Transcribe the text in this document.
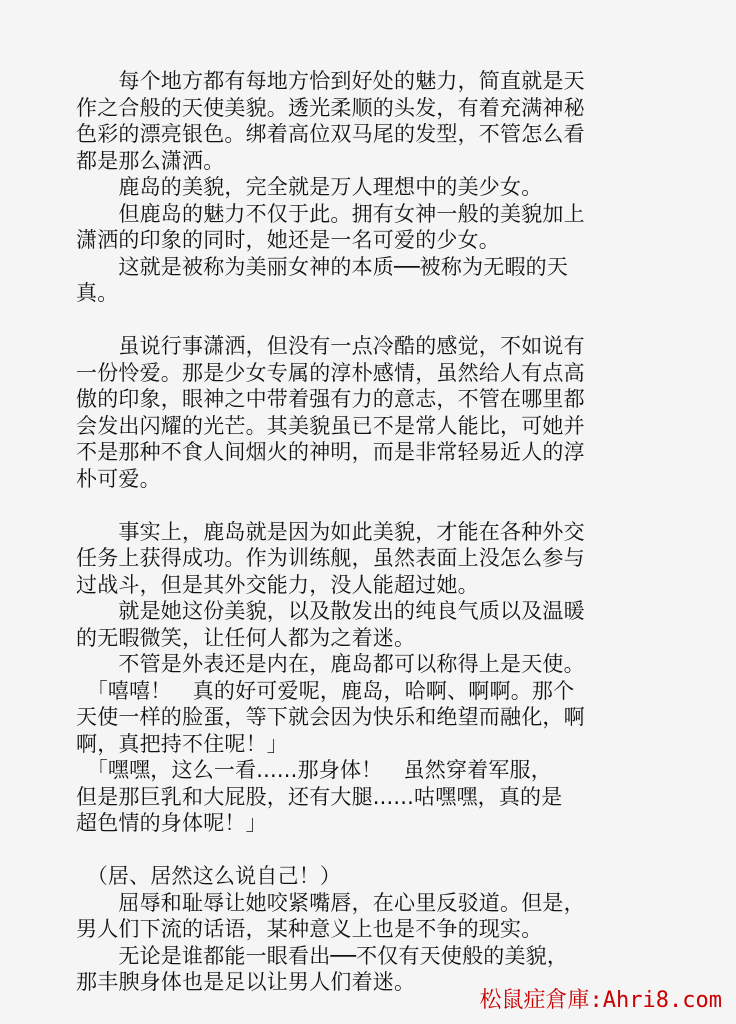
　　每个地方都有每地方恰到好处的魅力，简直就是天
作之合般的天使美貌。透光柔顺的头发，有着充满神秘
色彩的漂亮银色。绑着高位双马尾的发型，不管怎么看
都是那么潇洒。
　　鹿岛的美貌，完全就是万人理想中的美少女。
　　但鹿岛的魅力不仅于此。拥有女神一般的美貌加上
潇洒的印象的同时，她还是一名可爱的少女。
　　这就是被称为美丽女神的本质──被称为无暇的天
真。
　　虽说行事潇洒，但没有一点冷酷的感觉，不如说有
一份怜爱。那是少女专属的淳朴感情，虽然给人有点高
傲的印象，眼神之中带着强有力的意志，不管在哪里都
会发出闪耀的光芒。其美貌虽已不是常人能比，可她并
不是那种不食人间烟火的神明，而是非常轻易近人的淳
朴可爱。
　　事实上，鹿岛就是因为如此美貌，才能在各种外交
任务上获得成功。作为训练舰，虽然表面上没怎么参与
过战斗，但是其外交能力，没人能超过她。
　　就是她这份美貌，以及散发出的纯良气质以及温暖
的无暇微笑，让任何人都为之着迷。
　　不管是外表还是内在，鹿岛都可以称得上是天使。
　「嘻嘻！　真的好可爱呢，鹿岛，哈啊、啊啊。那个
天使一样的脸蛋，等下就会因为快乐和绝望而融化，啊
啊，真把持不住呢！」
　「嘿嘿，这么一看......那身体！　虽然穿着军服，
但是那巨乳和大屁股，还有大腿......咕嘿嘿，真的是
超色情的身体呢！」
　（居、居然这么说自己！）
　　屈辱和耻辱让她咬紧嘴唇，在心里反驳道。但是，
男人们下流的话语，某种意义上也是不争的现实。
　　无论是谁都能一眼看出──不仅有天使般的美貌，
那丰腴身体也是足以让男人们着迷。
松鼠症倉庫:Ahri8.com
